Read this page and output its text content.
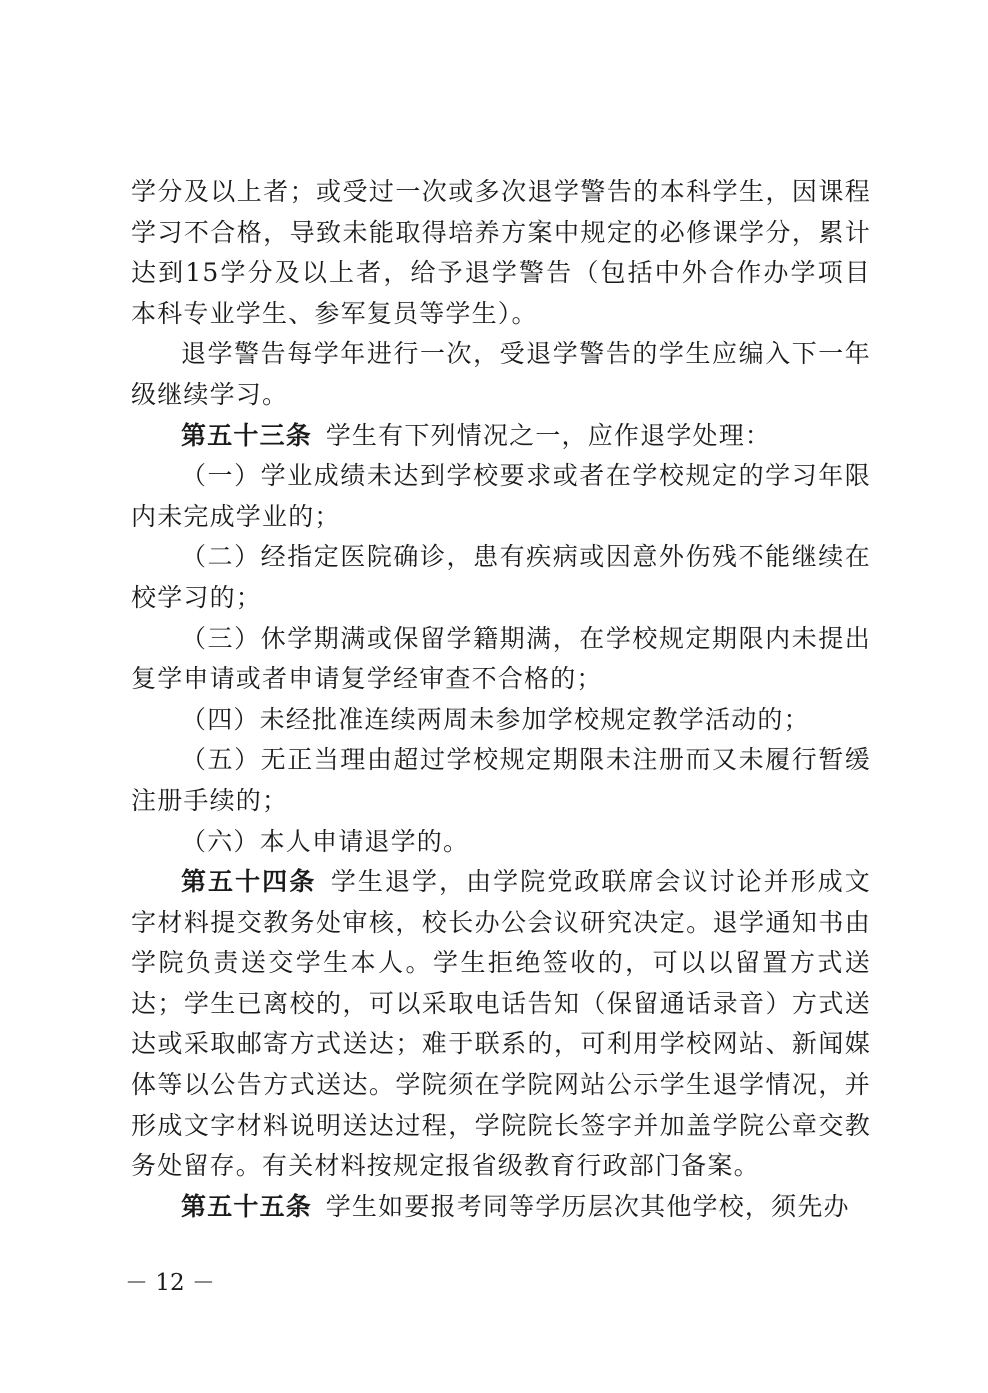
学分及以上者；或受过一次或多次退学警告的本科学生，因课程学习不合格，导致未能取得培养方案中规定的必修课学分，累计达到15学分及以上者，给予退学警告（包括中外合作办学项目本科专业学生、参军复员等学生）。

退学警告每学年进行一次，受退学警告的学生应编入下一年级继续学习。

第五十三条  学生有下列情况之一，应作退学处理：

（一）学业成绩未达到学校要求或者在学校规定的学习年限内未完成学业的；

（二）经指定医院确诊，患有疾病或因意外伤残不能继续在校学习的；

（三）休学期满或保留学籍期满，在学校规定期限内未提出复学申请或者申请复学经审查不合格的；

（四）未经批准连续两周未参加学校规定教学活动的；

（五）无正当理由超过学校规定期限未注册而又未履行暂缓注册手续的；

（六）本人申请退学的。

第五十四条  学生退学，由学院党政联席会议讨论并形成文字材料提交教务处审核，校长办公会议研究决定。退学通知书由学院负责送交学生本人。学生拒绝签收的，可以以留置方式送达；学生已离校的，可以采取电话告知（保留通话录音）方式送达或采取邮寄方式送达；难于联系的，可利用学校网站、新闻媒体等以公告方式送达。学院须在学院网站公示学生退学情况，并形成文字材料说明送达过程，学院院长签字并加盖学院公章交教务处留存。有关材料按规定报省级教育行政部门备案。

第五十五条  学生如要报考同等学历层次其他学校，须先办

－ 12 －
